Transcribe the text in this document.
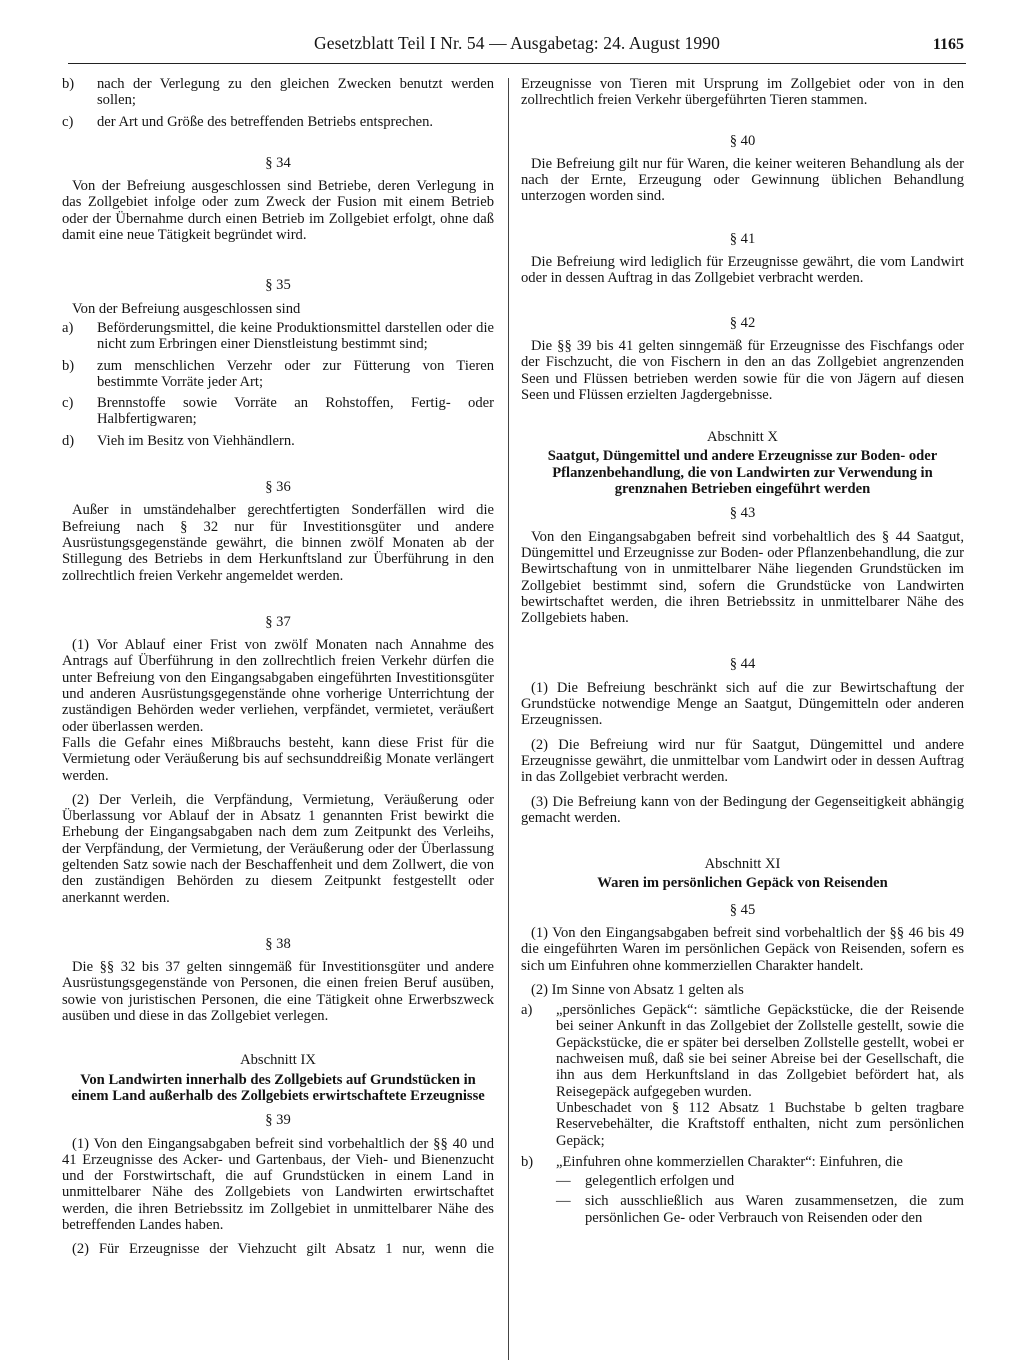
Gesetzblatt Teil I Nr. 54 — Ausgabetag: 24. August 1990	1165
b)	nach der Verlegung zu den gleichen Zwecken benutzt werden sollen;
c)	der Art und Größe des betreffenden Betriebs entsprechen.
§ 34

Von der Befreiung ausgeschlossen sind Betriebe, deren Verlegung in das Zollgebiet infolge oder zum Zweck der Fusion mit einem Betrieb oder der Übernahme durch einen Betrieb im Zollgebiet erfolgt, ohne daß damit eine neue Tätigkeit begründet wird.

§ 35

Von der Befreiung ausgeschlossen sind

a)	Beförderungsmittel, die keine Produktionsmittel darstellen oder die nicht zum Erbringen einer Dienstleistung bestimmt sind;
b)	zum menschlichen Verzehr oder zur Fütterung von Tieren bestimmte Vorräte jeder Art;
c)	Brennstoffe sowie Vorräte an Rohstoffen, Fertig- oder Halbfertigwaren;
d)	Vieh im Besitz von Viehhändlern.
§ 36

Außer in umständehalber gerechtfertigten Sonderfällen wird die Befreiung nach § 32 nur für Investitionsgüter und andere Ausrüstungsgegenstände gewährt, die binnen zwölf Monaten ab der Stillegung des Betriebs in dem Herkunftsland zur Überführung in den zollrechtlich freien Verkehr angemeldet werden.

§ 37

(1) Vor Ablauf einer Frist von zwölf Monaten nach Annahme des Antrags auf Überführung in den zollrechtlich freien Verkehr dürfen die unter Befreiung von den Eingangsabgaben eingeführten Investitionsgüter und anderen Ausrüstungsgegenstände ohne vorherige Unterrichtung der zuständigen Behörden weder verliehen, verpfändet, vermietet, veräußert oder überlassen werden.

Falls die Gefahr eines Mißbrauchs besteht, kann diese Frist für die Vermietung oder Veräußerung bis auf sechsunddreißig Monate verlängert werden.

(2) Der Verleih, die Verpfändung, Vermietung, Veräußerung oder Überlassung vor Ablauf der in Absatz 1 genannten Frist bewirkt die Erhebung der Eingangsabgaben nach dem zum Zeitpunkt des Verleihs, der Verpfändung, der Vermietung, der Veräußerung oder der Überlassung geltenden Satz sowie nach der Beschaffenheit und dem Zollwert, die von den zuständigen Behörden zu diesem Zeitpunkt festgestellt oder anerkannt werden.

§ 38

Die §§ 32 bis 37 gelten sinngemäß für Investitionsgüter und andere Ausrüstungsgegenstände von Personen, die einen freien Beruf ausüben, sowie von juristischen Personen, die eine Tätigkeit ohne Erwerbszweck ausüben und diese in das Zollgebiet verlegen.

Abschnitt IX
Von Landwirten innerhalb des Zollgebiets auf Grundstücken in einem Land außerhalb des Zollgebiets erwirtschaftete Erzeugnisse
§ 39

(1) Von den Eingangsabgaben befreit sind vorbehaltlich der §§ 40 und 41 Erzeugnisse des Acker- und Gartenbaus, der Vieh- und Bienenzucht und der Forstwirtschaft, die auf Grundstücken in einem Land in unmittelbarer Nähe des Zollgebiets von Landwirten erwirtschaftet werden, die ihren Betriebssitz im Zollgebiet in unmittelbarer Nähe des betreffenden Landes haben.

(2) Für Erzeugnisse der Viehzucht gilt Absatz 1 nur, wenn die

Erzeugnisse von Tieren mit Ursprung im Zollgebiet oder von in den zollrechtlich freien Verkehr übergeführten Tieren stammen.

§ 40

Die Befreiung gilt nur für Waren, die keiner weiteren Behandlung als der nach der Ernte, Erzeugung oder Gewinnung üblichen Behandlung unterzogen worden sind.

§ 41

Die Befreiung wird lediglich für Erzeugnisse gewährt, die vom Landwirt oder in dessen Auftrag in das Zollgebiet verbracht werden.

§ 42

Die §§ 39 bis 41 gelten sinngemäß für Erzeugnisse des Fischfangs oder der Fischzucht, die von Fischern in den an das Zollgebiet angrenzenden Seen und Flüssen betrieben werden sowie für die von Jägern auf diesen Seen und Flüssen erzielten Jagdergebnisse.

Abschnitt X
Saatgut, Düngemittel und andere Erzeugnisse zur Boden- oder Pflanzenbehandlung, die von Landwirten zur Verwendung in grenznahen Betrieben eingeführt werden
§ 43

Von den Eingangsabgaben befreit sind vorbehaltlich des § 44 Saatgut, Düngemittel und Erzeugnisse zur Boden- oder Pflanzenbehandlung, die zur Bewirtschaftung von in unmittelbarer Nähe liegenden Grundstücken im Zollgebiet bestimmt sind, sofern die Grundstücke von Landwirten bewirtschaftet werden, die ihren Betriebssitz in unmittelbarer Nähe des Zollgebiets haben.

§ 44

(1) Die Befreiung beschränkt sich auf die zur Bewirtschaftung der Grundstücke notwendige Menge an Saatgut, Düngemitteln oder anderen Erzeugnissen.

(2) Die Befreiung wird nur für Saatgut, Düngemittel und andere Erzeugnisse gewährt, die unmittelbar vom Landwirt oder in dessen Auftrag in das Zollgebiet verbracht werden.

(3) Die Befreiung kann von der Bedingung der Gegenseitigkeit abhängig gemacht werden.

Abschnitt XI
Waren im persönlichen Gepäck von Reisenden
§ 45

(1) Von den Eingangsabgaben befreit sind vorbehaltlich der §§ 46 bis 49 die eingeführten Waren im persönlichen Gepäck von Reisenden, sofern es sich um Einfuhren ohne kommerziellen Charakter handelt.

(2) Im Sinne von Absatz 1 gelten als

a)	„persönliches Gepäck“: sämtliche Gepäckstücke, die der Reisende bei seiner Ankunft in das Zollgebiet der Zollstelle gestellt, sowie die Gepäckstücke, die er später bei derselben Zollstelle gestellt, wobei er nachweisen muß, daß sie bei seiner Abreise bei der Gesellschaft, die ihn aus dem Herkunftsland in das Zollgebiet befördert hat, als Reisegepäck aufgegeben wurden.
Unbeschadet von § 112 Absatz 1 Buchstabe b gelten tragbare Reservebehälter, die Kraftstoff enthalten, nicht zum persönlichen Gepäck;
b)	„Einfuhren ohne kommerziellen Charakter“: Einfuhren, die
— gelegentlich erfolgen und
— sich ausschließlich aus Waren zusammensetzen, die zum persönlichen Ge- oder Verbrauch von Reisenden oder den
